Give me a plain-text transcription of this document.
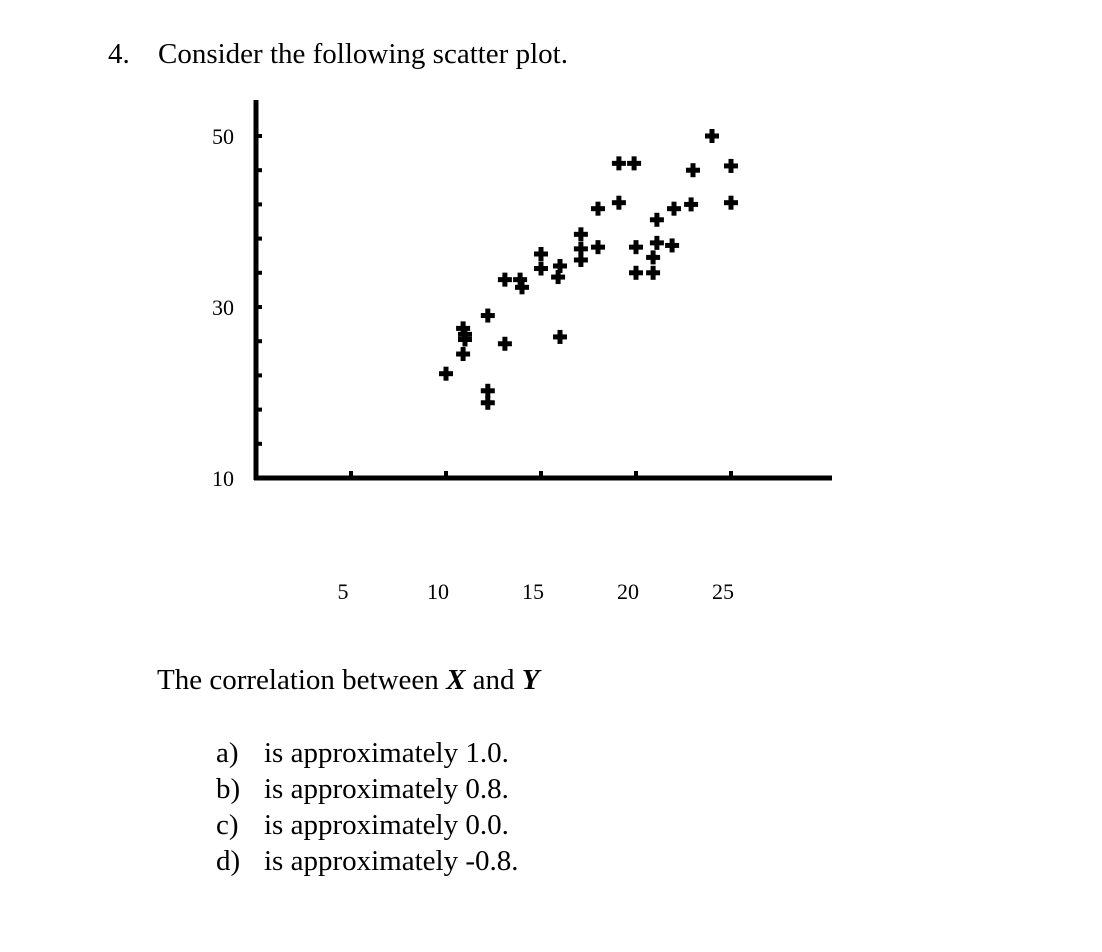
4. Consider the following scatter plot.
10
30
50
5	10	15	20	25
The correlation between X and Y
a) is approximately 1.0.
b) is approximately 0.8.
c) is approximately 0.0.
d) is approximately -0.8.
